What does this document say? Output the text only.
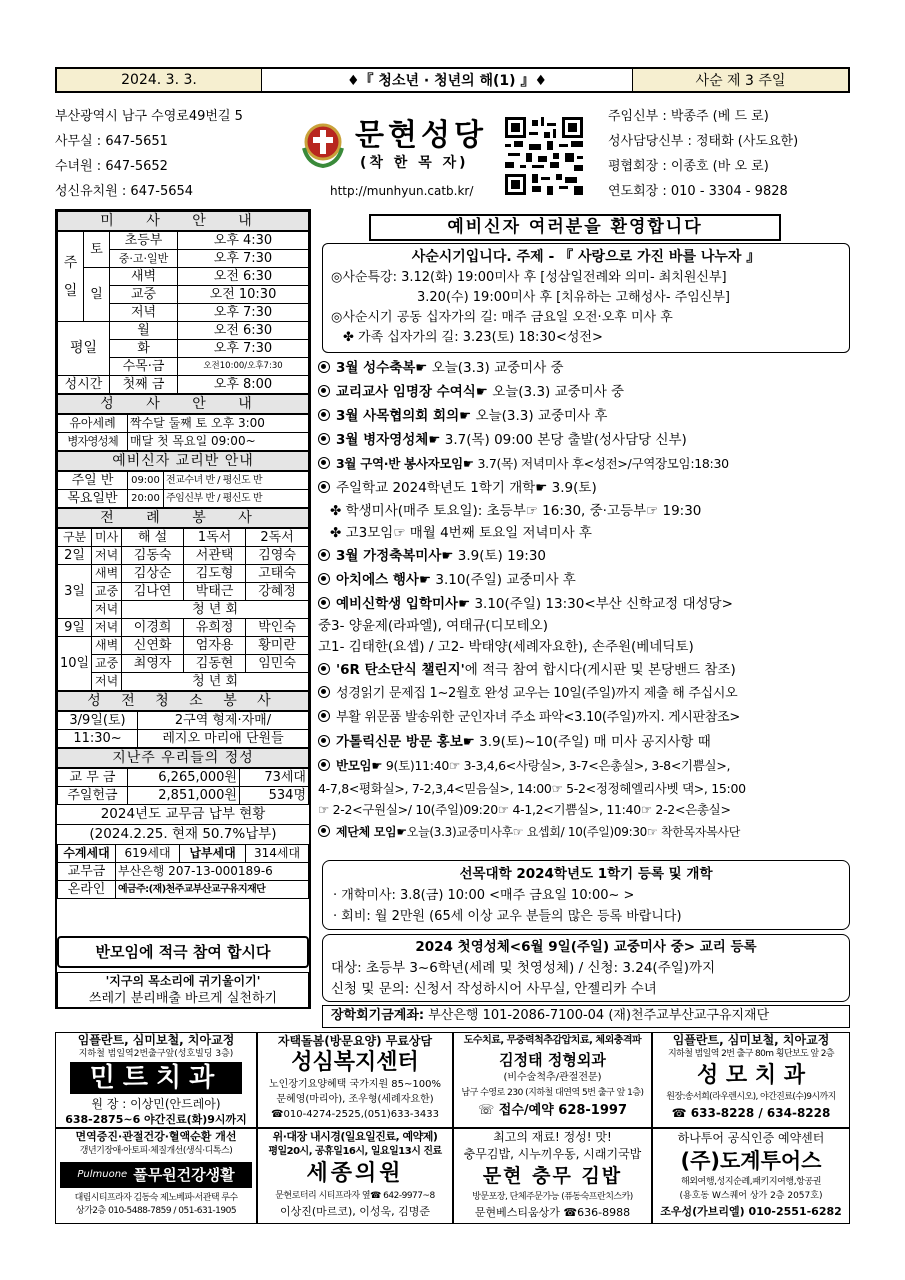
2024. 3. 3.	♦『 청소년 · 청년의 해(1) 』♦	사순 제 3 주일
부산광역시 남구 수영로49번길 5
사무실 : 647-5651
수녀원 : 647-5652
성신유치원 : 647-5654
문현성당
(착 한 목 자)
http://munhyun.catb.kr/
주임신부 : 박종주 (베 드 로)
성사담당신부 : 정태화 (사도요한)
평협회장 : 이종호 (바 오 로)
연도회장 : 010 - 3304 - 9828
미 사 안 내
주일	토	초등부	오후 4:30
		중·고·일반	오후 7:30
	일	새벽	오전 6:30
		교중	오전 10:30
		저녁	오후 7:30
평일		월	오전 6:30
		화	오후 7:30
		수목·금	오전10:00/오후7:30
성시간		첫째 금	오후 8:00
성 사 안 내
유아세례	짝수달 둘째 토 오후 3:00
병자영성체	매달 첫 목요일 09:00~
예비신자 교리반 안내
주일 반	09:00	전교수녀 반 / 평신도 반
목요일반	20:00	주임신부 반 / 평신도 반
전 례 봉 사
구분	미사	해 설	1독서	2독서
2일	저녁	김동숙	서관택	김영숙
3일	새벽	김상순	김도형	고태숙
	교중	김나연	박태근	강혜정
	저녁	청 년 회		
9일	저녁	이경희	유희정	박인숙
10일	새벽	신연화	엄자용	황미란
	교중	최영자	김동현	임민숙
	저녁	청 년 회		
성 전 청 소 봉 사
3/9일(토)	2구역 형제·자매/
11:30~	레지오 마리애 단원들
지난주 우리들의 정성
교 무 금	6,265,000원	73세대
주일헌금	2,851,000원	534명
2024년도 교무금 납부 현황
(2024.2.25. 현재 50.7%납부)
수계세대	619세대	납부세대	314세대
교무금	부산은행 207-13-000189-6		
온라인	예금주:(재)천주교부산교구유지재단		
반모임에 적극 참여 합시다
'지구의 목소리에 귀기울이기'
쓰레기 분리배출 바르게 실천하기
예비신자 여러분을 환영합니다
사순시기입니다. 주제 - 『 사랑으로 가진 바를 나누자 』
◎사순특강: 3.12(화) 19:00미사 후 [성삼일전례와 의미- 최치원신부]
3.20(수) 19:00미사 후 [치유하는 고해성사- 주임신부]
◎사순시기 공동 십자가의 길: 매주 금요일 오전·오후 미사 후
✤ 가족 십자가의 길: 3.23(토) 18:30<성전>
3월 성수축복☛ 오늘(3.3) 교중미사 중
교리교사 임명장 수여식☛ 오늘(3.3) 교중미사 중
3월 사목협의회 회의☛ 오늘(3.3) 교중미사 후
3월 병자영성체☛ 3.7(목) 09:00 본당 출발(성사담당 신부)
3월 구역·반 봉사자모임☛ 3.7(목) 저녁미사 후<성전>/구역장모임:18:30
주일학교 2024학년도 1학기 개학☛ 3.9(토)
✤ 학생미사(매주 토요일): 초등부☞ 16:30, 중·고등부☞ 19:30
✤ 고3모임☞ 매월 4번째 토요일 저녁미사 후
3월 가정축복미사☛ 3.9(토) 19:30
아치에스 행사☛ 3.10(주일) 교중미사 후
예비신학생 입학미사☛ 3.10(주일) 13:30<부산 신학교정 대성당>
중3- 양윤제(라파엘), 여태규(디모테오)
고1- 김태한(요셉) / 고2- 박태양(세례자요한), 손주원(베네딕토)
'6R 탄소단식 챌린지'에 적극 참여 합시다(게시판 및 본당밴드 참조)
성경읽기 문제집 1~2월호 완성 교우는 10일(주일)까지 제출 해 주십시오
부활 위문품 발송위한 군인자녀 주소 파악<3.10(주일)까지. 게시판참조>
가톨릭신문 방문 홍보☛ 3.9(토)~10(주일) 매 미사 공지사항 때
반모임☛ 9(토)11:40☞ 3-3,4,6<사랑실>, 3-7<은총실>, 3-8<기쁨실>,
4-7,8<평화실>, 7-2,3,4<믿음실>, 14:00☞ 5-2<정정헤엘리사벳 댁>, 15:00
☞ 2-2<구원실>/ 10(주일)09:20☞ 4-1,2<기쁨실>, 11:40☞ 2-2<은총실>
제단체 모임☛오늘(3.3)교중미사후☞ 요셉회/ 10(주일)09:30☞ 착한목자복사단
선목대학 2024학년도 1학기 등록 및 개학
· 개학미사: 3.8(금) 10:00 <매주 금요일 10:00~ >
· 회비: 월 2만원 (65세 이상 교우 분들의 많은 등록 바랍니다)
2024 첫영성체<6월 9일(주일) 교중미사 중> 교리 등록
대상: 초등부 3~6학년(세례 및 첫영성체) / 신청: 3.24(주일)까지
신청 및 문의: 신청서 작성하시어 사무실, 안젤리카 수녀
장학회기금계좌: 부산은행 101-2086-7100-04 (재)천주교부산교구유지재단
임플란트, 심미보철, 치아교정
지하철 범일역2번출구앞(성호빌딩 3층)
민트치과
원 장 : 이상민(안드레아)
638-2875~6 야간진료(화)9시까지
자택돌봄(방문요양) 무료상담
성심복지센터
노인장기요양혜택 국가지원 85~100%
문혜영(마리아), 조우형(세례자요한)
☎010-4274-2525,(051)633-3433
도수치료, 무중력척추감압치료, 체외충격파
김정태 정형외과
(비수술척추/관절전문)
남구 수영로 230 (지하철 대연역 5번 출구 앞 1층)
☏ 접수/예약 628-1997
임플란트, 심미보철, 치아교정
지하철 범일역 2번 출구 80m 횡단보도 앞 2층
성 모 치 과
원장:송서희(라우렌시오), 야간진료(수)9시까지
☎ 633-8228 / 634-8228
면역증진·관절건강·혈액순환 개선
갱년기장애·아토피·체질개선(생식·디톡스)
Pulmuone 풀무원건강생활
대림시티프라자 김동숙 제노베파·서관택 루수
상가2층 010-5488-7859 / 051-631-1905
위·대장 내시경(일요일진료, 예약제)
평일20시, 공휴일16시, 일요일13시 진료
세종의원
문현로터리 시티프라자 옆☎ 642-9977~8
이상진(마르코), 이성욱, 김명준
최고의 재료! 정성! 맛!
충무김밥, 시누끼우동, 시래기국밥
문현 충무 김밥
방문포장, 단체주문가능 (퓨동숙프란치스카)
문현베스티움상가 ☎636-8988
하나투어 공식인증 예약센터
(주)도계투어스
해외여행,성지순례,패키지여행,항공권
(용호동 W스퀘어 상가 2층 2057호)
조우성(가브리엘) 010-2551-6282
